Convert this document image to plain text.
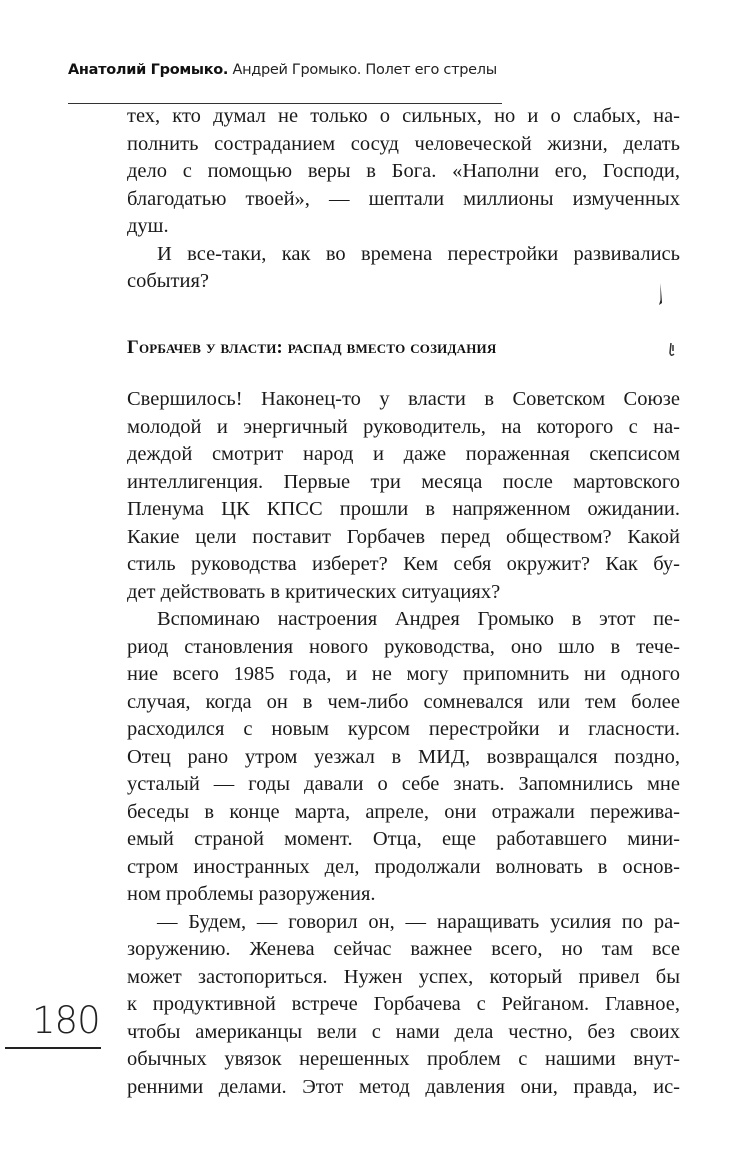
Анатолий Громыко. Андрей Громыко. Полет его стрелы
тех, кто думал не только о сильных, но и о слабых, на-
полнить состраданием сосуд человеческой жизни, делать
дело с помощью веры в Бога. «Наполни его, Господи,
благодатью твоей», — шептали миллионы измученных
душ.
И все-таки, как во времена перестройки развивались
события?
Горбачев у власти: распад вместо созидания
Свершилось! Наконец-то у власти в Советском Союзе
молодой и энергичный руководитель, на которого с на-
деждой смотрит народ и даже пораженная скепсисом
интеллигенция. Первые три месяца после мартовского
Пленума ЦК КПСС прошли в напряженном ожидании.
Какие цели поставит Горбачев перед обществом? Какой
стиль руководства изберет? Кем себя окружит? Как бу-
дет действовать в критических ситуациях?
Вспоминаю настроения Андрея Громыко в этот пе-
риод становления нового руководства, оно шло в тече-
ние всего 1985 года, и не могу припомнить ни одного
случая, когда он в чем-либо сомневался или тем более
расходился с новым курсом перестройки и гласности.
Отец рано утром уезжал в МИД, возвращался поздно,
усталый — годы давали о себе знать. Запомнились мне
беседы в конце марта, апреле, они отражали пережива-
емый страной момент. Отца, еще работавшего мини-
стром иностранных дел, продолжали волновать в основ-
ном проблемы разоружения.
— Будем, — говорил он, — наращивать усилия по ра-
зоружению. Женева сейчас важнее всего, но там все
может застопориться. Нужен успех, который привел бы
к продуктивной встрече Горбачева с Рейганом. Главное,
чтобы американцы вели с нами дела честно, без своих
обычных увязок нерешенных проблем с нашими внут-
ренними делами. Этот метод давления они, правда, ис-
180
